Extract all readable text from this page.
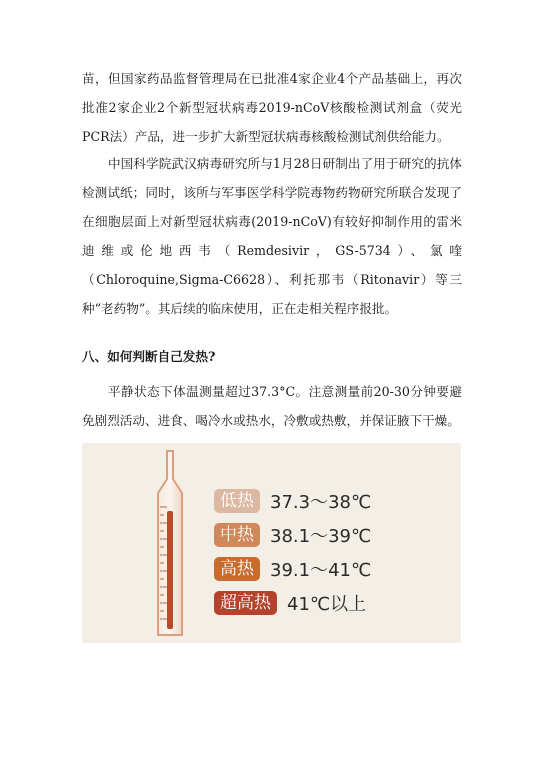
苗，但国家药品监督管理局在已批准4家企业4个产品基础上，再次批准2家企业2个新型冠状病毒2019-nCoV核酸检测试剂盒（荧光PCR法）产品，进一步扩大新型冠状病毒核酸检测试剂供给能力。

中国科学院武汉病毒研究所与1月28日研制出了用于研究的抗体检测试纸；同时，该所与军事医学科学院毒物药物研究所联合发现了在细胞层面上对新型冠状病毒(2019-nCoV)有较好抑制作用的雷米迪维或伦地西韦（Remdesivir，GS-5734）、氯喹（Chloroquine,Sigma-C6628）、利托那韦（Ritonavir）等三种“老药物”。其后续的临床使用，正在走相关程序报批。

八、如何判断自己发热?

平静状态下体温测量超过37.3°C。注意测量前20-30分钟要避免剧烈活动、进食、喝冷水或热水，冷敷或热敷，并保证腋下干燥。

低热 37.3～38℃
中热 38.1～39℃
高热 39.1～41℃
超高热 41℃以上
